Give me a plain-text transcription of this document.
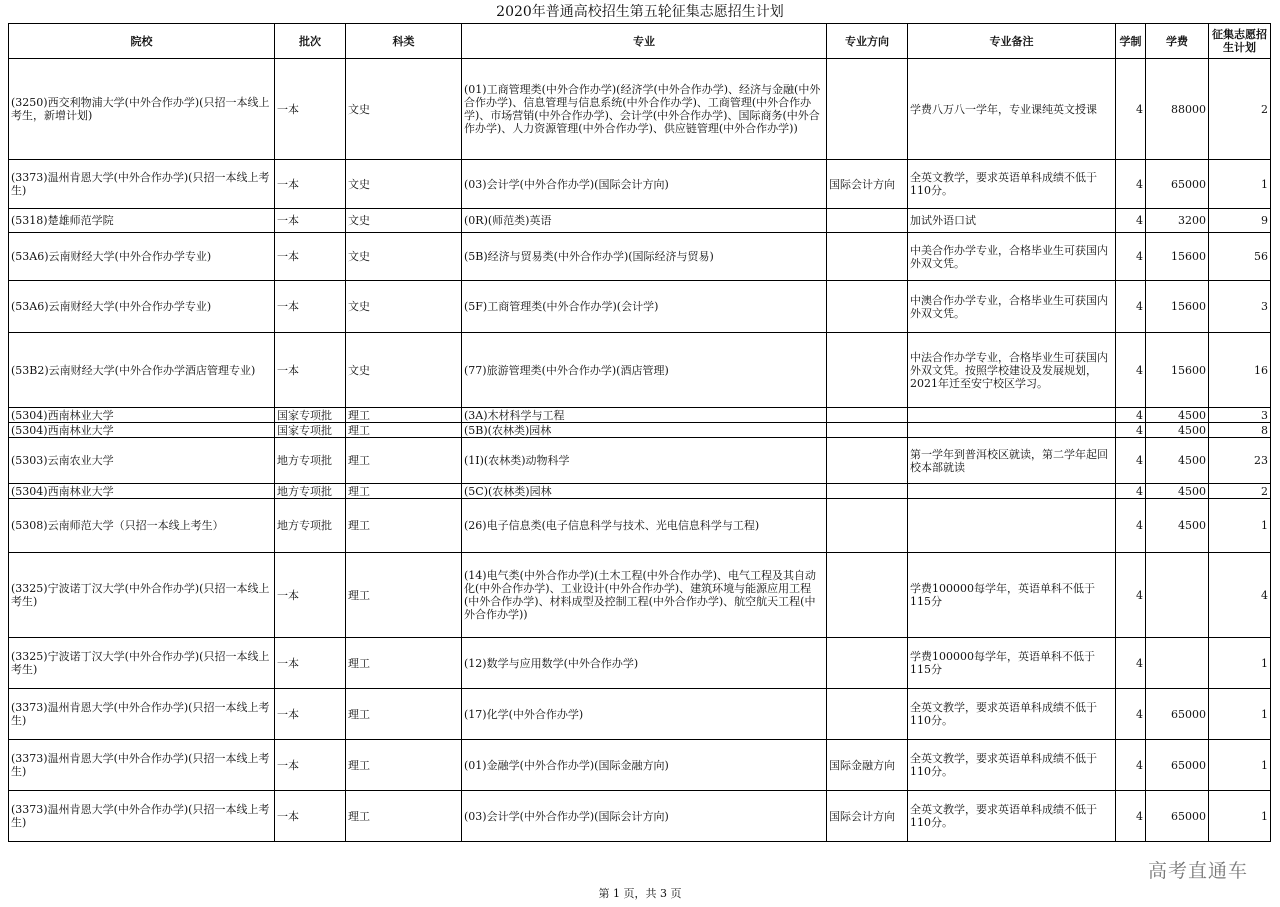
2020年普通高校招生第五轮征集志愿招生计划
院校	批次	科类	专业	专业方向	专业备注	学制	学费	征集志愿招生计划
(3250)西交利物浦大学(中外合作办学)(只招一本线上考生，新增计划)	一本	文史	(01)工商管理类(中外合作办学)(经济学(中外合作办学)、经济与金融(中外合作办学)、信息管理与信息系统(中外合作办学)、工商管理(中外合作办学)、市场营销(中外合作办学)、会计学(中外合作办学)、国际商务(中外合作办学)、人力资源管理(中外合作办学)、供应链管理(中外合作办学))		学费八万八一学年，专业课纯英文授课	4	88000	2
(3373)温州肯恩大学(中外合作办学)(只招一本线上考生)	一本	文史	(03)会计学(中外合作办学)(国际会计方向)	国际会计方向	全英文教学，要求英语单科成绩不低于110分。	4	65000	1
(5318)楚雄师范学院	一本	文史	(0R)(师范类)英语		加试外语口试	4	3200	9
(53A6)云南财经大学(中外合作办学专业)	一本	文史	(5B)经济与贸易类(中外合作办学)(国际经济与贸易)		中美合作办学专业，合格毕业生可获国内外双文凭。	4	15600	56
(53A6)云南财经大学(中外合作办学专业)	一本	文史	(5F)工商管理类(中外合作办学)(会计学)		中澳合作办学专业，合格毕业生可获国内外双文凭。	4	15600	3
(53B2)云南财经大学(中外合作办学酒店管理专业)	一本	文史	(77)旅游管理类(中外合作办学)(酒店管理)		中法合作办学专业，合格毕业生可获国内外双文凭。按照学校建设及发展规划，2021年迁至安宁校区学习。	4	15600	16
(5304)西南林业大学	国家专项批	理工	(3A)木材科学与工程			4	4500	3
(5304)西南林业大学	国家专项批	理工	(5B)(农林类)园林			4	4500	8
(5303)云南农业大学	地方专项批	理工	(1I)(农林类)动物科学		第一学年到普洱校区就读，第二学年起回校本部就读	4	4500	23
(5304)西南林业大学	地方专项批	理工	(5C)(农林类)园林			4	4500	2
(5308)云南师范大学（只招一本线上考生）	地方专项批	理工	(26)电子信息类(电子信息科学与技术、光电信息科学与工程)			4	4500	1
(3325)宁波诺丁汉大学(中外合作办学)(只招一本线上考生)	一本	理工	(14)电气类(中外合作办学)(土木工程(中外合作办学)、电气工程及其自动化(中外合作办学)、工业设计(中外合作办学)、建筑环境与能源应用工程(中外合作办学)、材料成型及控制工程(中外合作办学)、航空航天工程(中外合作办学))		学费100000每学年，英语单科不低于115分	4		4
(3325)宁波诺丁汉大学(中外合作办学)(只招一本线上考生)	一本	理工	(12)数学与应用数学(中外合作办学)		学费100000每学年，英语单科不低于115分	4		1
(3373)温州肯恩大学(中外合作办学)(只招一本线上考生)	一本	理工	(17)化学(中外合作办学)		全英文教学，要求英语单科成绩不低于110分。	4	65000	1
(3373)温州肯恩大学(中外合作办学)(只招一本线上考生)	一本	理工	(01)金融学(中外合作办学)(国际金融方向)	国际金融方向	全英文教学，要求英语单科成绩不低于110分。	4	65000	1
(3373)温州肯恩大学(中外合作办学)(只招一本线上考生)	一本	理工	(03)会计学(中外合作办学)(国际会计方向)	国际会计方向	全英文教学，要求英语单科成绩不低于110分。	4	65000	1
高考直通车
第 1 页，共 3 页
